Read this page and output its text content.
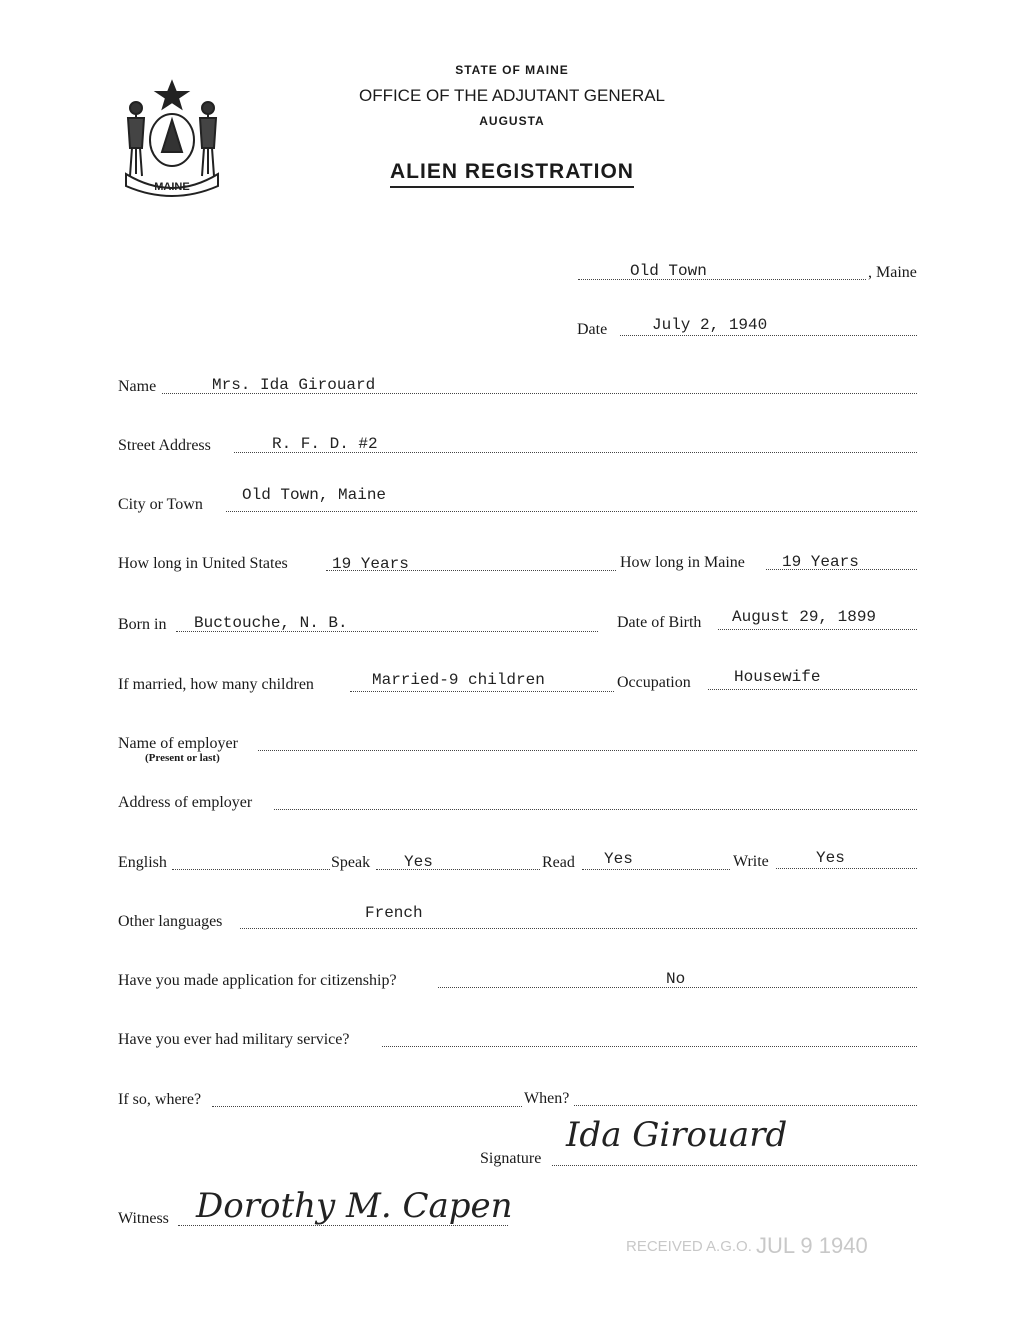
MAINE
STATE OF MAINE
OFFICE OF THE ADJUTANT GENERAL
AUGUSTA
ALIEN REGISTRATION
Old Town	, Maine
Date	July 2, 1940
Name	Mrs. Ida Girouard
Street Address	R. F. D. #2
City or Town
Old Town, Maine
How long in United States	19 Years	How long in Maine 19 Years
Born in Buctouche, N. B.	Date of Birth August 29, 1899
If married, how many children	Married-9 children	Occupation	Housewife
Name of employer
(Present or last)
Address of employer
English	Speak Yes	Read Yes	Write	Yes
Other languages	French
Have you made application for citizenship?	No
Have you ever had military service?
If so, where?	When?
Signature
Ida Girouard
Witness Dorothy M. Capen
RECEIVED A.G.O. JUL 9 1940
